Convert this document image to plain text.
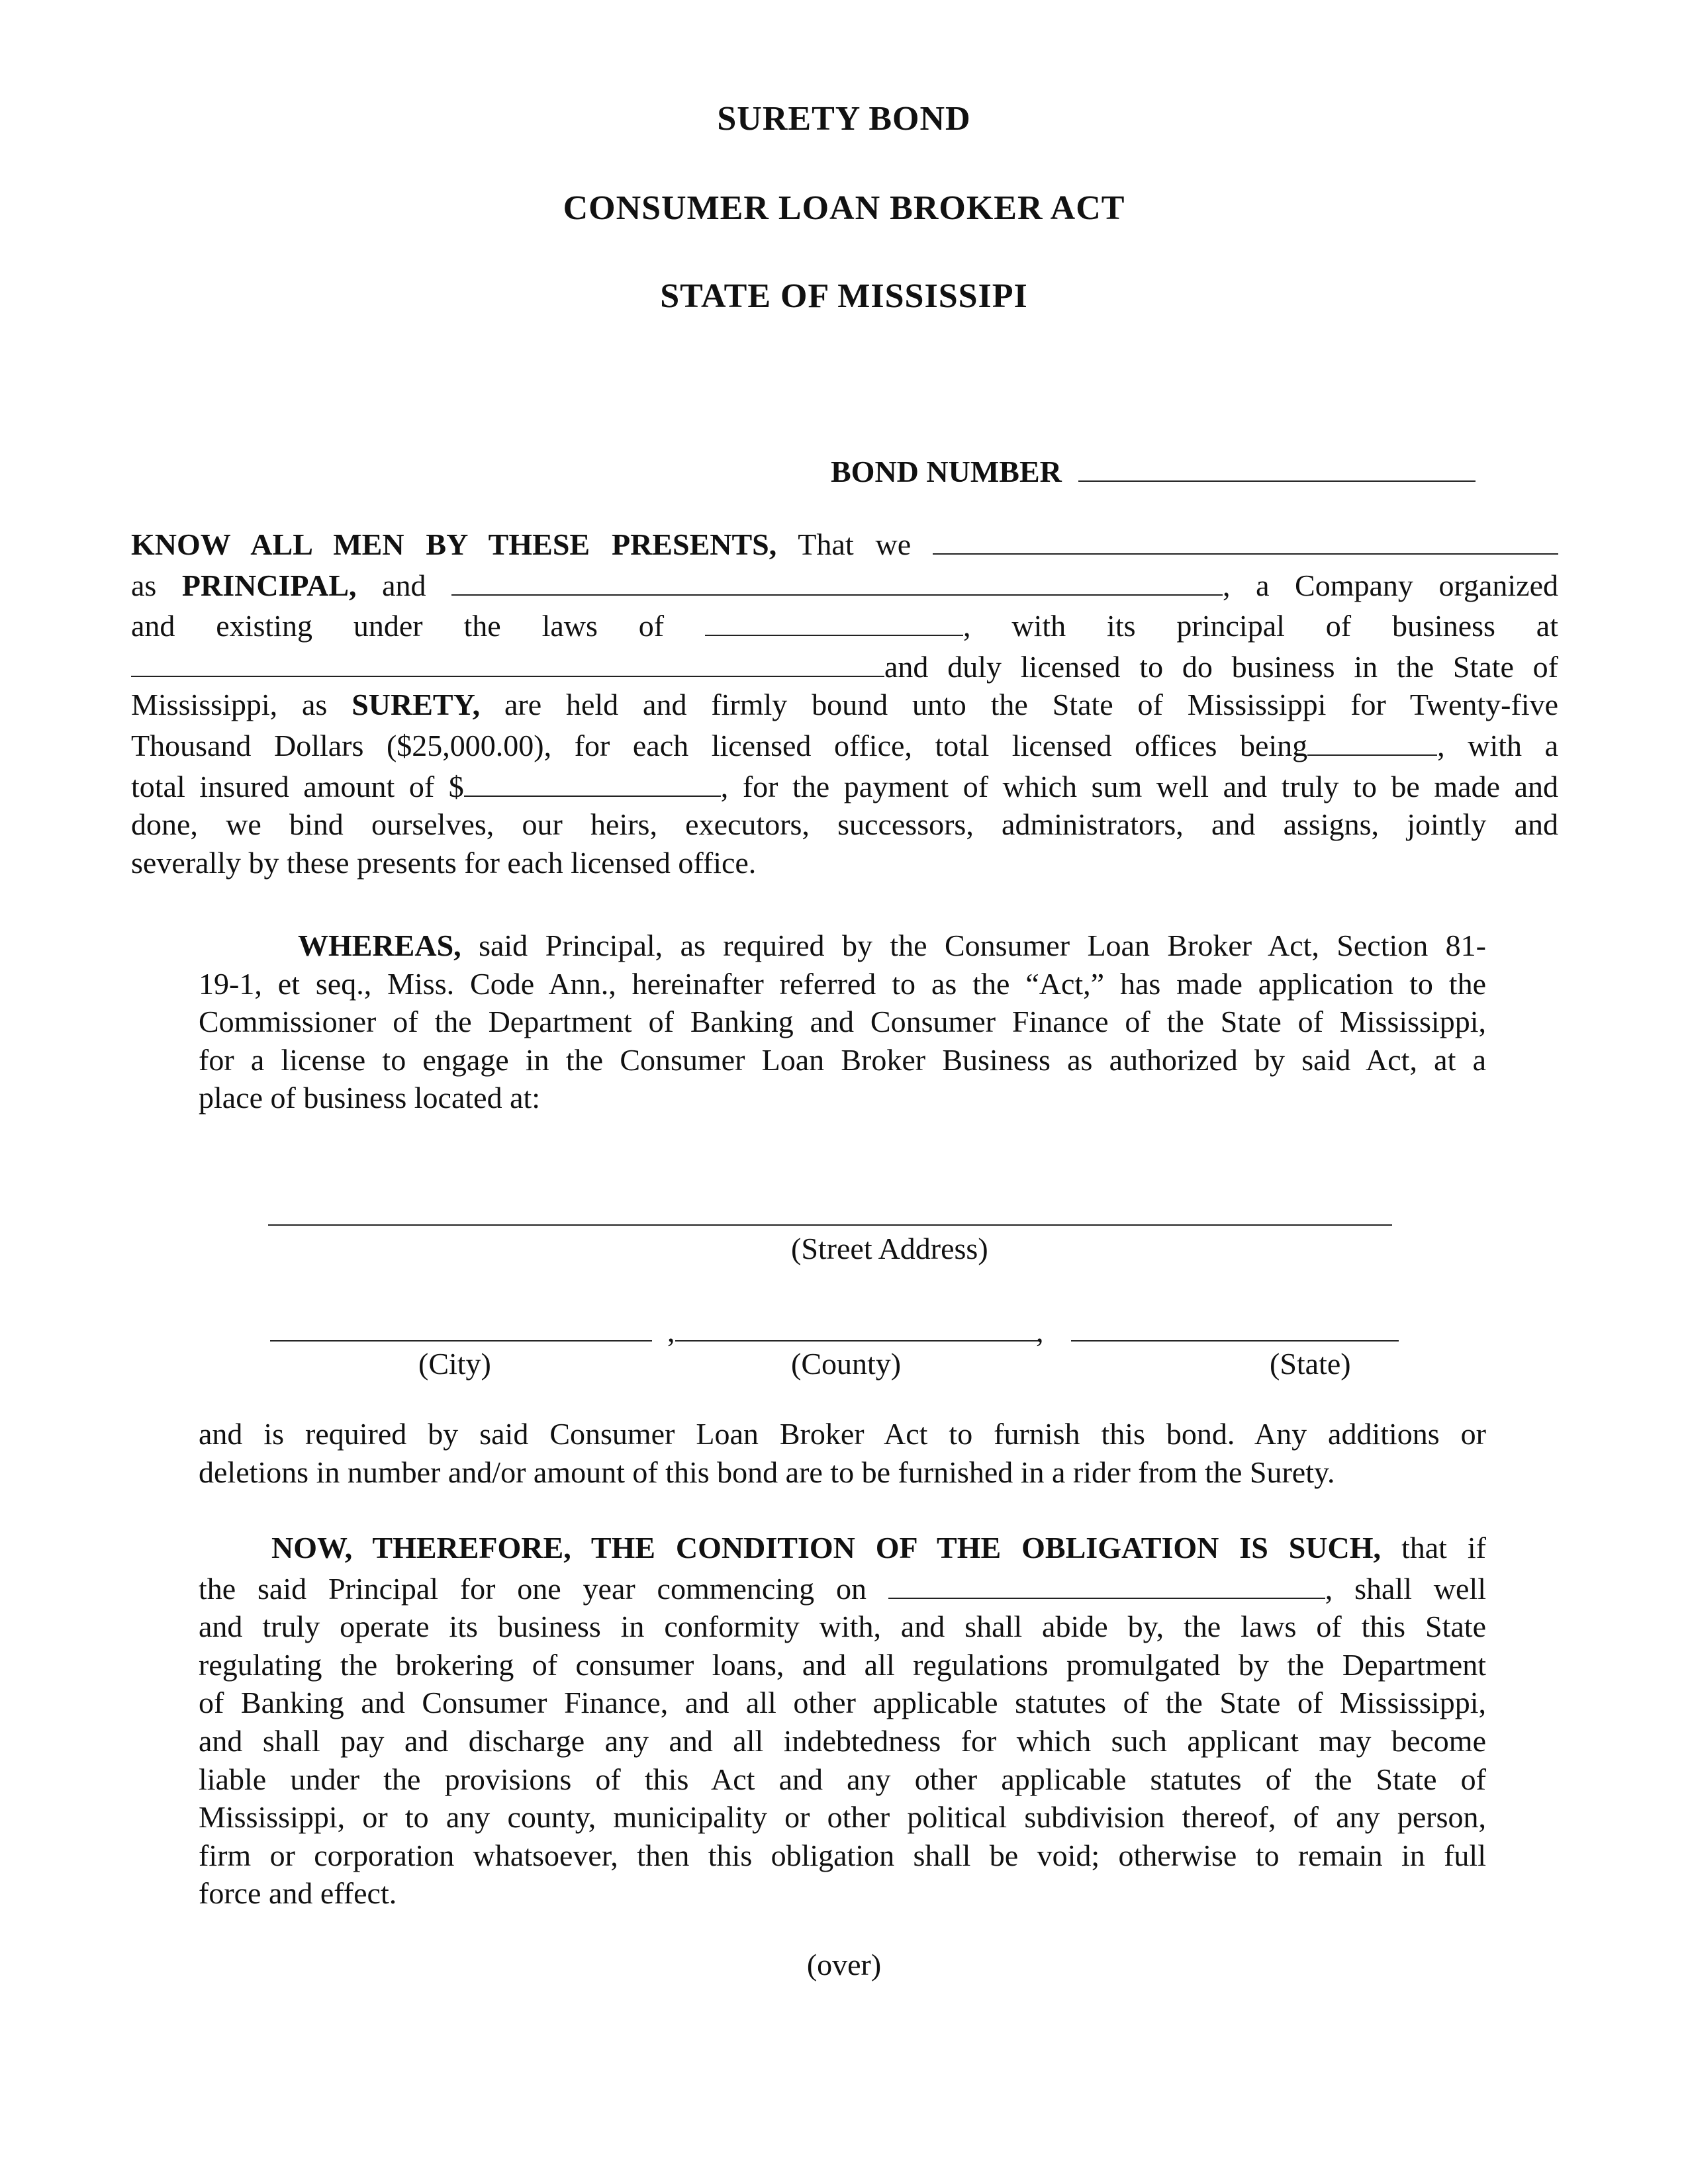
SURETY BOND
CONSUMER LOAN BROKER ACT
STATE OF MISSISSIPI
BOND NUMBER
KNOW ALL MEN BY THESE PRESENTS, That we
as PRINCIPAL, and	, a Company organized
and existing under the laws of	, with its principal of business at
and duly licensed to do business in the State of
Mississippi, as SURETY, are held and firmly bound unto the State of Mississippi for Twenty-five
Thousand Dollars ($25,000.00), for each licensed office, total licensed offices being	, with a
total insured amount of $	, for the payment of which sum well and truly to be made and
done, we bind ourselves, our heirs, executors, successors, administrators, and assigns, jointly and
severally by these presents for each licensed office.
WHEREAS, said Principal, as required by the Consumer Loan Broker Act, Section 81-
19-1, et seq., Miss. Code Ann., hereinafter referred to as the “Act,” has made application to the
Commissioner of the Department of Banking and Consumer Finance of the State of Mississippi,
for a license to engage in the Consumer Loan Broker Business as authorized by said Act, at a
place of business located at:
(Street Address)
,	,
(City)	(County)	(State)
and is required by said Consumer Loan Broker Act to furnish this bond. Any additions or
deletions in number and/or amount of this bond are to be furnished in a rider from the Surety.
NOW, THEREFORE, THE CONDITION OF THE OBLIGATION IS SUCH, that if
the said Principal for one year commencing on	, shall well
and truly operate its business in conformity with, and shall abide by, the laws of this State
regulating the brokering of consumer loans, and all regulations promulgated by the Department
of Banking and Consumer Finance, and all other applicable statutes of the State of Mississippi,
and shall pay and discharge any and all indebtedness for which such applicant may become
liable under the provisions of this Act and any other applicable statutes of the State of
Mississippi, or to any county, municipality or other political subdivision thereof, of any person,
firm or corporation whatsoever, then this obligation shall be void; otherwise to remain in full
force and effect.
(over)
